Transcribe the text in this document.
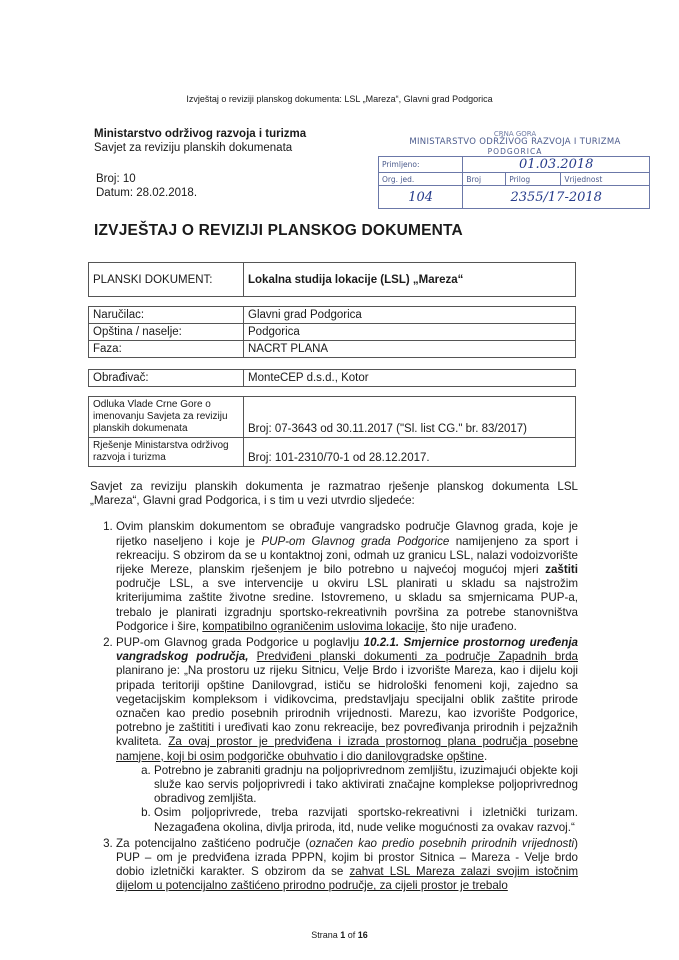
Izvještaj o reviziji planskog dokumenta: LSL „Mareza“, Glavni grad Podgorica
Ministarstvo održivog razvoja i turizma
Savjet za reviziju planskih dokumenata
Broj: 10
Datum: 28.02.2018.
CRNA GORA
MINISTARSTVO ODRŽIVOG RAZVOJA I TURIZMA
PODGORICA
Primljeno:	01.03.2018		
Org. jed.	Broj	Prilog	Vrijednost
104	2355/17-2018		
IZVJEŠTAJ O REVIZIJI PLANSKOG DOKUMENTA
PLANSKI DOKUMENT:	Lokalna studija lokacije (LSL) „Mareza“

Naručilac:	Glavni grad Podgorica
Opština / naselje:	Podgorica
Faza:	NACRT PLANA

Obrađivač:	MonteCEP d.s.d., Kotor

Odluka Vlade Crne Gore o imenovanju Savjeta za reviziju planskih dokumenata	Broj: 07-3643 od 30.11.2017 ("Sl. list CG." br. 83/2017)
Rješenje Ministarstva održivog razvoja i turizma	Broj: 101-2310/70-1 od 28.12.2017.

Savjet za reviziju planskih dokumenta je razmatrao rješenje planskog dokumenta LSL „Mareza“, Glavni grad Podgorica, i s tim u vezi utvrdio sljedeće:

1. Ovim planskim dokumentom se obrađuje vangradsko područje Glavnog grada, koje je rijetko naseljeno i koje je PUP-om Glavnog grada Podgorice namijenjeno za sport i rekreaciju. S obzirom da se u kontaktnoj zoni, odmah uz granicu LSL, nalazi vodoizvorište rijeke Mereze, planskim rješenjem je bilo potrebno u najvećoj mogućoj mjeri zaštiti područje LSL, a sve intervencije u okviru LSL planirati u skladu sa najstrožim kriterijumima zaštite životne sredine. Istovremeno, u skladu sa smjernicama PUP-a, trebalo je planirati izgradnju sportsko-rekreativnih površina za potrebe stanovništva Podgorice i šire, kompatibilno ograničenim uslovima lokacije, što nije urađeno.
2. PUP-om Glavnog grada Podgorice u poglavlju 10.2.1. Smjernice prostornog uređenja vangradskog područja, Predviđeni planski dokumenti za područje Zapadnih brda planirano je: „Na prostoru uz rijeku Sitnicu, Velje Brdo i izvorište Mareza, kao i dijelu koji pripada teritoriji opštine Danilovgrad, ističu se hidrološki fenomeni koji, zajedno sa vegetacijskim kompleksom i vidikovcima, predstavljaju specijalni oblik zaštite prirode označen kao predio posebnih prirodnih vrijednosti. Marezu, kao izvorište Podgorice, potrebno je zaštititi i uređivati kao zonu rekreacije, bez povređivanja prirodnih i pejzažnih kvaliteta. Za ovaj prostor je predviđena i izrada prostornog plana područja posebne namjene, koji bi osim podgoričke obuhvatio i dio danilovgradske opštine.
a. Potrebno je zabraniti gradnju na poljoprivrednom zemljištu, izuzimajući objekte koji služe kao servis poljoprivredi i tako aktivirati značajne komplekse poljoprivrednog obradivog zemljišta.
b. Osim poljoprivrede, treba razvijati sportsko-rekreativni i izletnički turizam. Nezagađena okolina, divlja priroda, itd, nude velike mogućnosti za ovakav razvoj.“
3. Za potencijalno zaštićeno područje (označen kao predio posebnih prirodnih vrijednosti) PUP – om je predviđena izrada PPPN, kojim bi prostor Sitnica – Mareza - Velje brdo dobio izletnički karakter. S obzirom da se zahvat LSL Mareza zalazi svojim istočnim dijelom u potencijalno zaštićeno prirodno područje, za cijeli prostor je trebalo
Strana 1 of 16
